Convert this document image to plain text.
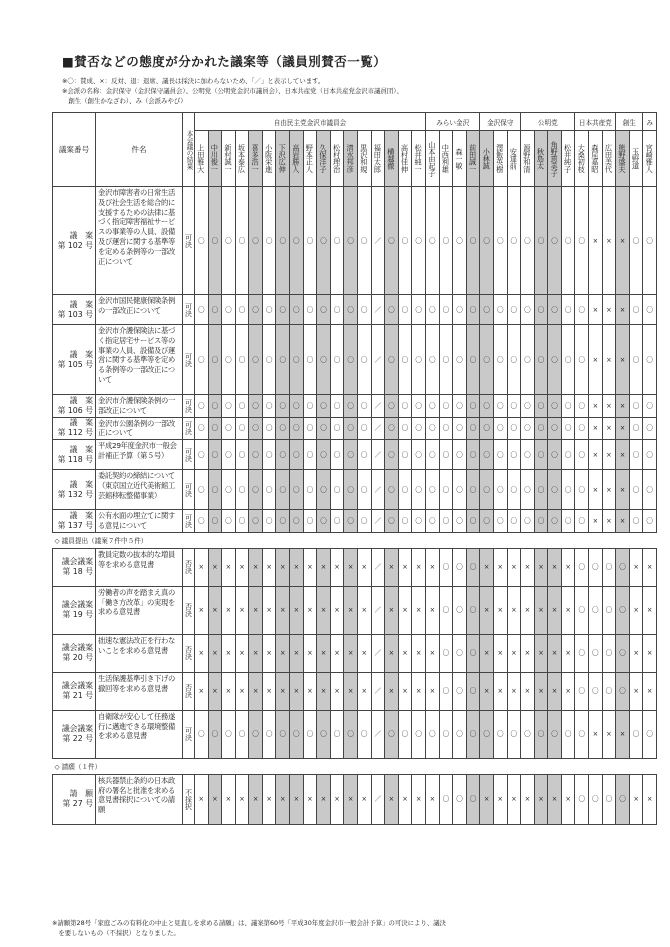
■賛否などの態度が分かれた議案等（議員別賛否一覧）
※〇：賛成、×：反対、退：退席、議長は採決に加わらないため、「／」と表示しています。
※会派の名称：金沢保守（金沢保守議員会）、公明党（公明党金沢市議員会）、日本共産党（日本共産党金沢市議員団）、
　創生（創生かなざわ）、み（会派みやび）
議案番号	件名	本会議の結果	自由民主党金沢市議員会																	みらい金沢				金沢保守			公明党				日本共産党			創生		み

			上田雅大	中川俊一	新村誠一	坂本泰広	喜多浩一	小阪栄進	下沢広伸	高岩勝人	野本正人	久保洋子	松村理治	清水邦彦	黒沢和規	福田太郎	横越徹	高村佳伸	松井純一	山本由起子	中西利雄	森一敏	前田誠一	小林誠	澤飯英樹	安達前	源野和清	秋島太	角野恵美子	松井純子	大桑初枝	森尾嘉昭	広田美代	熊野盛夫	玉野道	宮崎雅人

議　案
第 102 号	金沢市障害者の日常生活及び社会生活を総合的に支援するための法律に基づく指定障害福祉サービスの事業等の人員、設備及び運営に関する基準等を定める条例等の一部改正について	可決	〇	〇	〇	〇	〇	〇	〇	〇	〇	〇	〇	〇	〇	／	〇	〇	〇	〇	〇	〇	〇	〇	〇	〇	〇	〇	〇	〇	〇	×	×	×	〇	〇
議　案
第 103 号	金沢市国民健康保険条例の一部改正について	可決	〇	〇	〇	〇	〇	〇	〇	〇	〇	〇	〇	〇	〇	／	〇	〇	〇	〇	〇	〇	〇	〇	〇	〇	〇	〇	〇	〇	〇	×	×	×	〇	〇
議　案
第 105 号	金沢市介護保険法に基づく指定居宅サービス等の事業の人員、設備及び運営に関する基準等を定める条例等の一部改正について	可決	〇	〇	〇	〇	〇	〇	〇	〇	〇	〇	〇	〇	〇	／	〇	〇	〇	〇	〇	〇	〇	〇	〇	〇	〇	〇	〇	〇	〇	×	×	×	〇	〇
議　案
第 106 号	金沢市介護保険条例の一部改正について	可決	〇	〇	〇	〇	〇	〇	〇	〇	〇	〇	〇	〇	〇	／	〇	〇	〇	〇	〇	〇	〇	〇	〇	〇	〇	〇	〇	〇	〇	×	×	×	〇	〇
議　案
第 112 号	金沢市公園条例の一部改正について	可決	〇	〇	〇	〇	〇	〇	〇	〇	〇	〇	〇	〇	〇	／	〇	〇	〇	〇	〇	〇	〇	〇	〇	〇	〇	〇	〇	〇	〇	×	×	×	〇	〇
議　案
第 118 号	平成29年度金沢市一般会計補正予算（第５号）	可決	〇	〇	〇	〇	〇	〇	〇	〇	〇	〇	〇	〇	〇	／	〇	〇	〇	〇	〇	〇	〇	〇	〇	〇	〇	〇	〇	〇	〇	×	×	×	〇	〇
議　案
第 132 号	委託契約の締結について（東京国立近代美術館工芸館移転整備事業）	可決	〇	〇	〇	〇	〇	〇	〇	〇	〇	〇	〇	〇	〇	／	〇	〇	〇	〇	〇	〇	〇	〇	〇	〇	〇	〇	〇	〇	〇	×	×	×	〇	〇
議　案
第 137 号	公有水面の埋立てに関する意見について	可決	〇	〇	〇	〇	〇	〇	〇	〇	〇	〇	〇	〇	〇	／	〇	〇	〇	〇	〇	〇	〇	〇	〇	〇	〇	〇	〇	〇	〇	×	×	×	〇	〇
◇ 議員提出（議案７件中５件）																																				
議会議案
第 18 号	教員定数の抜本的な増員等を求める意見書	否決	×	×	×	×	×	×	×	×	×	×	×	×	×	／	×	×	×	×	〇	〇	〇	×	×	×	×	×	×	×	〇	〇	〇	〇	×	×
議会議案
第 19 号	労働者の声を踏まえ真の「働き方改革」の実現を求める意見書	否決	×	×	×	×	×	×	×	×	×	×	×	×	×	／	×	×	×	×	〇	〇	〇	×	×	×	×	×	×	×	〇	〇	〇	〇	×	×
議会議案
第 20 号	拙速な憲法改正を行わないことを求める意見書	否決	×	×	×	×	×	×	×	×	×	×	×	×	×	／	×	×	×	×	〇	〇	〇	×	×	×	×	×	×	×	〇	〇	〇	〇	×	×
議会議案
第 21 号	生活保護基準引き下げの撤回等を求める意見書	否決	×	×	×	×	×	×	×	×	×	×	×	×	×	／	×	×	×	×	〇	〇	〇	×	×	×	×	×	×	×	〇	〇	〇	〇	×	×
議会議案
第 22 号	自衛隊が安心して任務遂行に邁進できる環境整備を求める意見書	可決	〇	〇	〇	〇	〇	〇	〇	〇	〇	〇	〇	〇	〇	／	〇	〇	〇	〇	〇	〇	〇	〇	〇	〇	〇	〇	〇	〇	〇	×	×	×	〇	〇
◇ 請願（１件）																																				
請　願
第 27 号	核兵器禁止条約の日本政府の署名と批准を求める意見書採択についての請願	不採択	×	×	×	×	×	×	×	×	×	×	×	×	×	／	×	×	×	×	〇	〇	〇	×	×	×	×	×	×	×	〇	〇	〇	〇	×	×
※請願第28号「家庭ごみの有料化の中止と見直しを求める請願」は、議案第60号「平成30年度金沢市一般会計予算」の可決により、議決
　を要しないもの（不採択）となりました。
